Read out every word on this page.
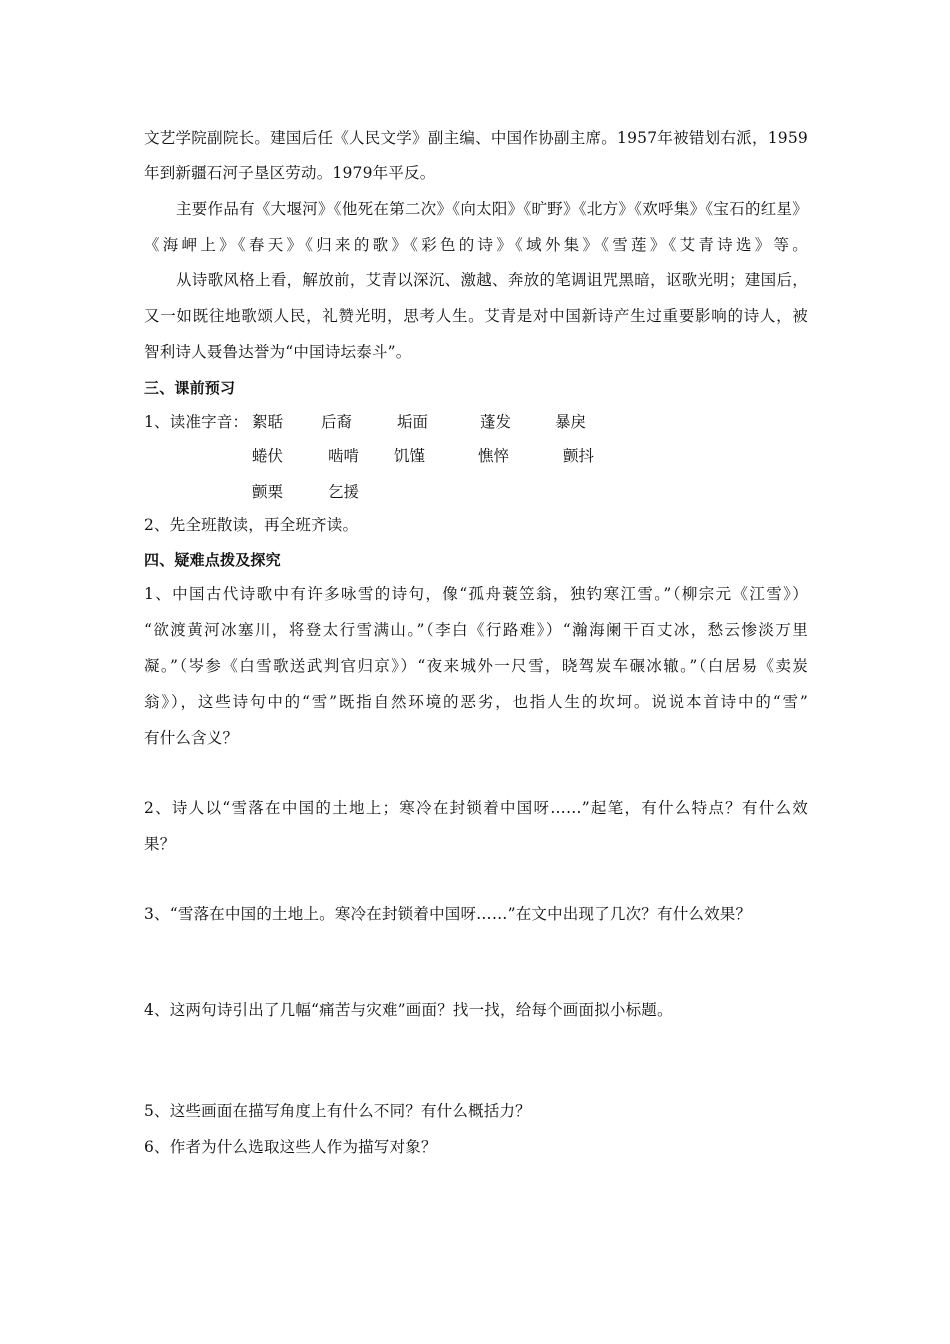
文艺学院副院长。建国后任《人民文学》副主编、中国作协副主席。1957年被错划右派，1959
年到新疆石河子垦区劳动。1979年平反。
主要作品有《大堰河》《他死在第二次》《向太阳》《旷野》《北方》《欢呼集》《宝石的红星》
《海岬上》《春天》《归来的歌》《彩色的诗》《域外集》《雪莲》《艾青诗选》等。
从诗歌风格上看，解放前，艾青以深沉、激越、奔放的笔调诅咒黑暗，讴歌光明；建国后，
又一如既往地歌颂人民，礼赞光明，思考人生。艾青是对中国新诗产生过重要影响的诗人，被
智利诗人聂鲁达誉为“中国诗坛泰斗”。
三、课前预习
1、读准字音： 絮聒 后裔	垢面	蓬发	暴戾
蜷伏	啮啃 饥馑	憔悴	颤抖
颤栗	乞援
2、先全班散读，再全班齐读。
四、疑难点拨及探究
1、中国古代诗歌中有许多咏雪的诗句，像“孤舟蓑笠翁，独钓寒江雪。”（柳宗元《江雪》）
“欲渡黄河冰塞川，将登太行雪满山。”（李白《行路难》）“瀚海阑干百丈冰，愁云惨淡万里
凝。”（岑参《白雪歌送武判官归京》）“夜来城外一尺雪，晓驾炭车碾冰辙。”（白居易《卖炭
翁》），这些诗句中的“雪”既指自然环境的恶劣，也指人生的坎坷。说说本首诗中的“雪”
有什么含义？
2、诗人以“雪落在中国的土地上；寒冷在封锁着中国呀……”起笔，有什么特点？有什么效
果？
3、“雪落在中国的土地上。寒冷在封锁着中国呀……”在文中出现了几次？有什么效果？
4、这两句诗引出了几幅“痛苦与灾难”画面？找一找，给每个画面拟小标题。
5、这些画面在描写角度上有什么不同？有什么概括力？
6、作者为什么选取这些人作为描写对象？
